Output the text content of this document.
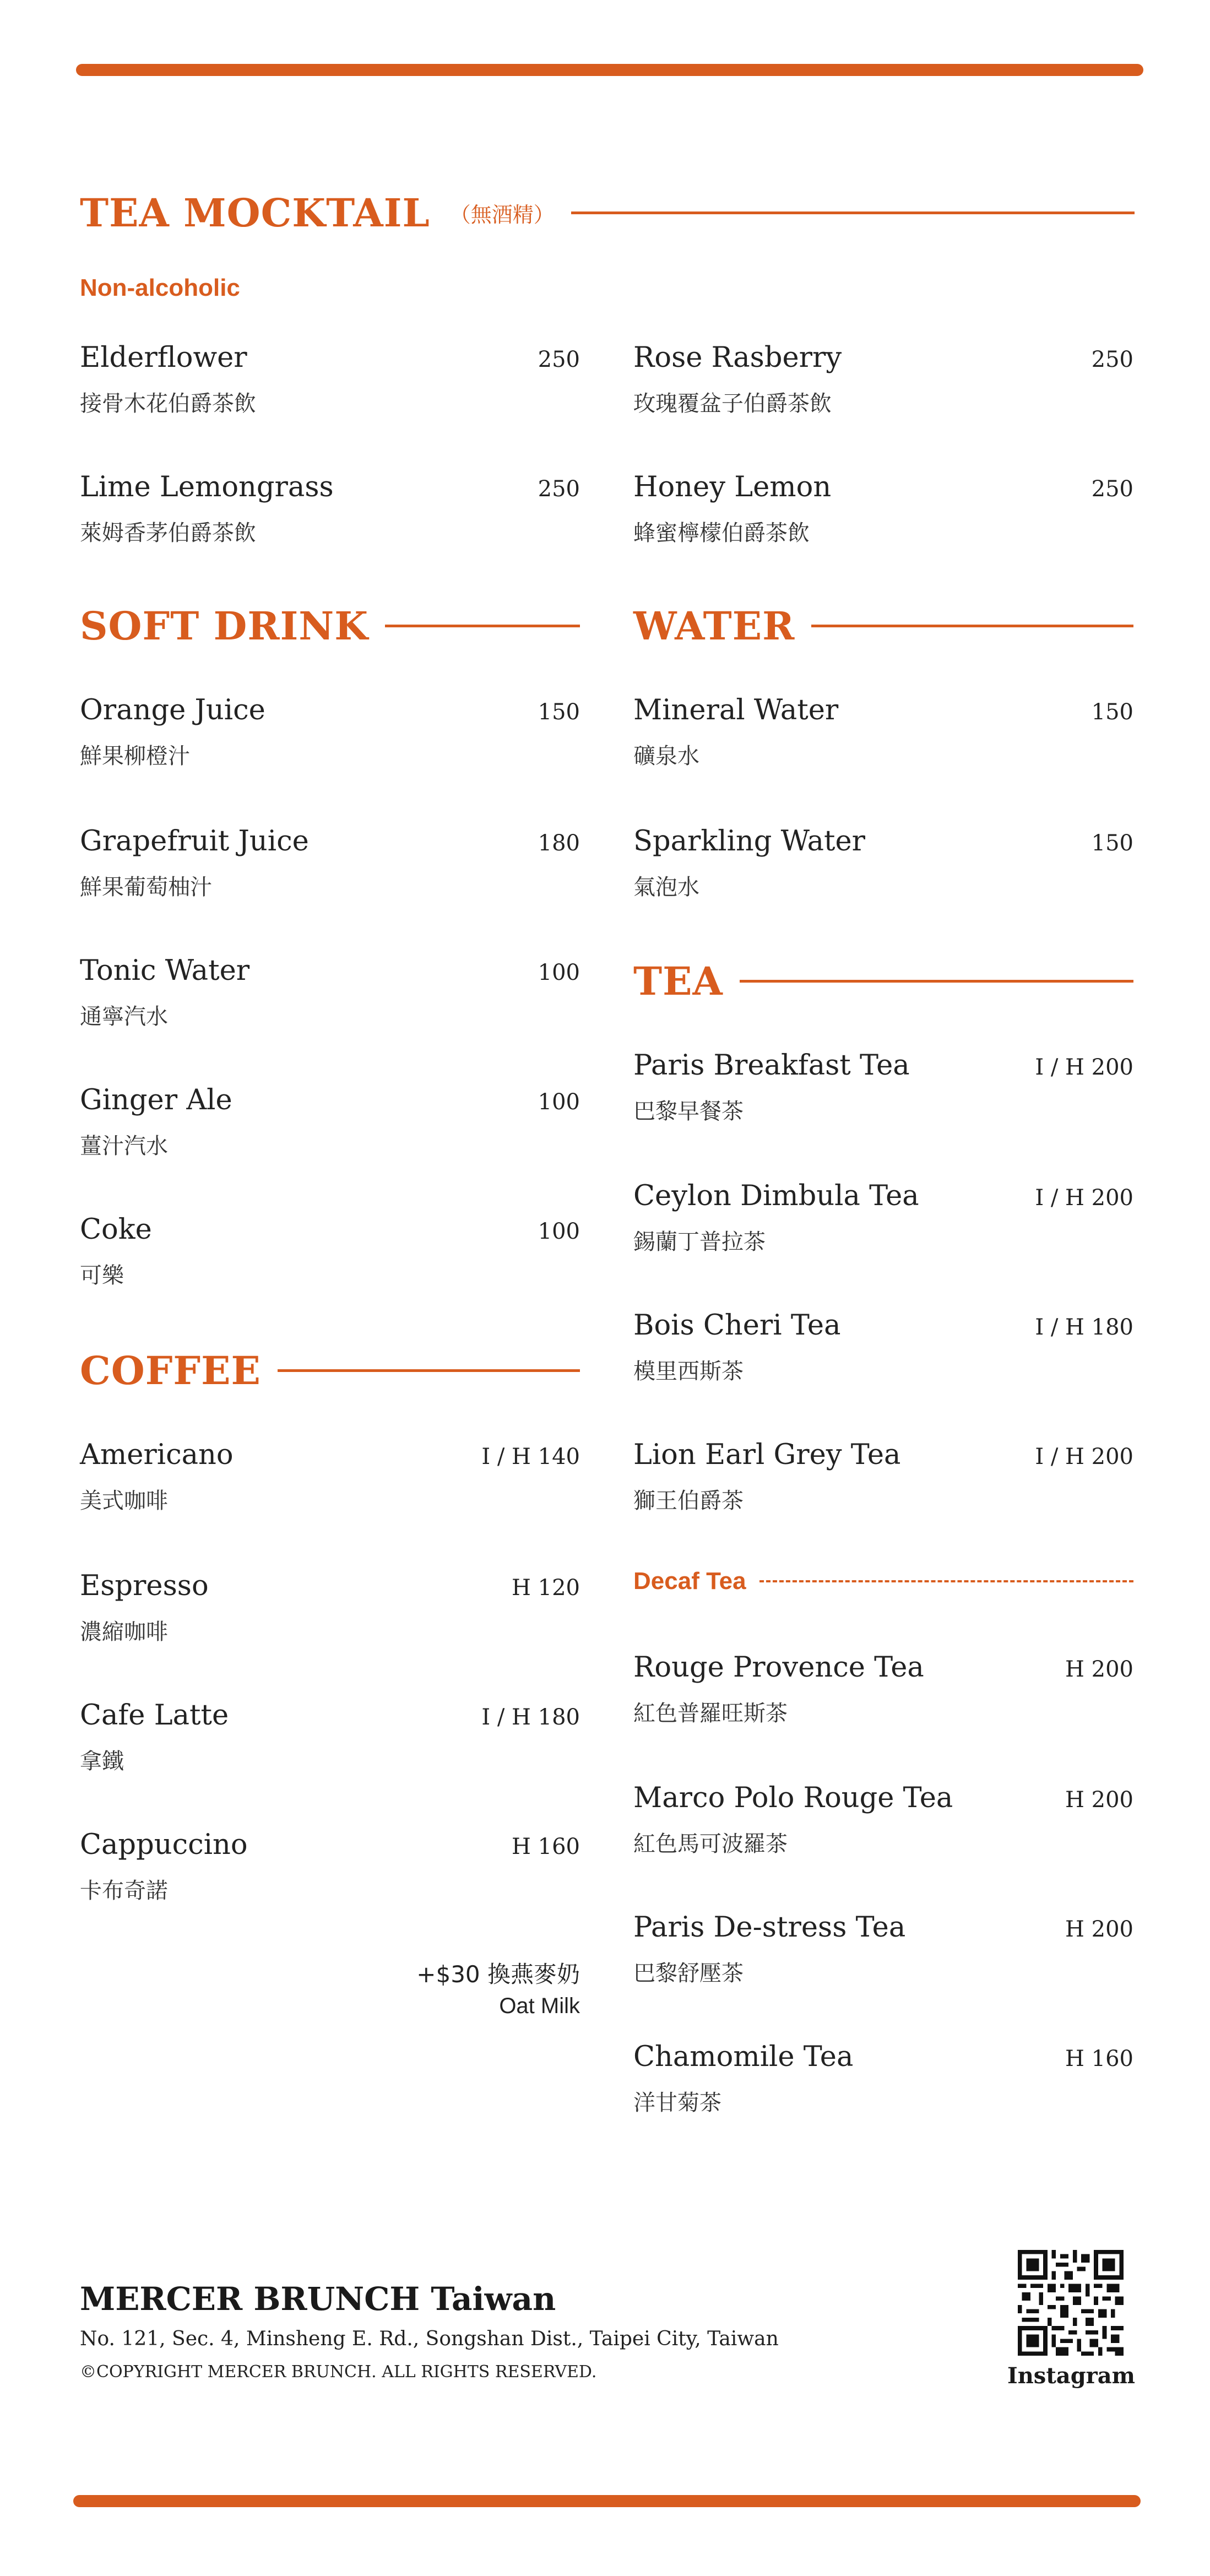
TEA MOCKTAIL （無酒精）
Non-alcoholic
Elderflower	250
接骨木花伯爵茶飲
Rose Rasberry	250
玫瑰覆盆子伯爵茶飲
Lime Lemongrass	250
萊姆香茅伯爵茶飲
Honey Lemon	250
蜂蜜檸檬伯爵茶飲
SOFT DRINK
Orange Juice	150
鮮果柳橙汁
Grapefruit Juice	180
鮮果葡萄柚汁
Tonic Water	100
通寧汽水
Ginger Ale	100
薑汁汽水
Coke	100
可樂
WATER
Mineral Water	150
礦泉水
Sparkling Water	150
氣泡水
TEA
Paris Breakfast Tea	I / H 200
巴黎早餐茶
Ceylon Dimbula Tea	I / H 200
錫蘭丁普拉茶
Bois Cheri Tea	I / H 180
模里西斯茶
Lion Earl Grey Tea	I / H 200
獅王伯爵茶
Decaf Tea
Rouge Provence Tea	H 200
紅色普羅旺斯茶
Marco Polo Rouge Tea	H 200
紅色馬可波羅茶
Paris De-stress Tea	H 200
巴黎舒壓茶
Chamomile Tea	H 160
洋甘菊茶
COFFEE
Americano	I / H 140
美式咖啡
Espresso	H 120
濃縮咖啡
Cafe Latte	I / H 180
拿鐵
Cappuccino	H 160
卡布奇諾
+$30 換燕麥奶
Oat Milk
MERCER BRUNCH Taiwan
No. 121, Sec. 4, Minsheng E. Rd., Songshan Dist., Taipei City, Taiwan
©COPYRIGHT MERCER BRUNCH. ALL RIGHTS RESERVED.	Instagram
